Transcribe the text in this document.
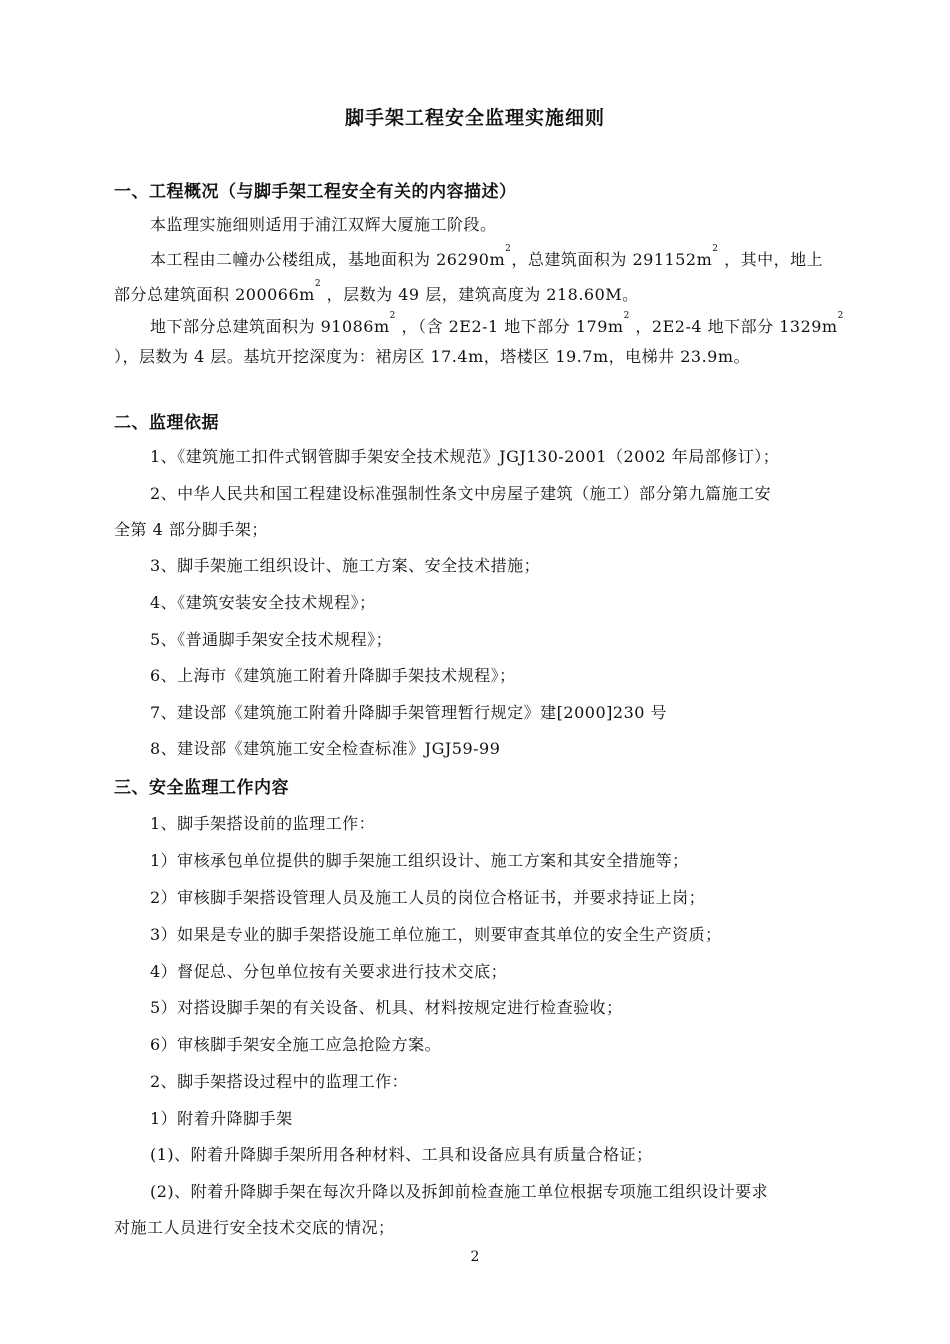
脚手架工程安全监理实施细则
一、工程概况（与脚手架工程安全有关的内容描述）
本监理实施细则适用于浦江双辉大厦施工阶段。
本工程由二幢办公楼组成，基地面积为 $26290m^2$，总建筑面积为 $291152m^2$ ，其中，地上
部分总建筑面积 $200066m^2$ ，层数为 49 层，建筑高度为 218.60M。
地下部分总建筑面积为 $91086m^2$ ，（含 2E2-1 地下部分 $179m^2$ ，2E2-4 地下部分 $1329m^2$
），层数为 4 层。基坑开挖深度为：裙房区 17.4m，塔楼区 19.7m，电梯井 23.9m。
二、监理依据
1、《建筑施工扣件式钢管脚手架安全技术规范》JGJ130-2001（2002 年局部修订）；
2、中华人民共和国工程建设标准强制性条文中房屋子建筑（施工）部分第九篇施工安
全第 4 部分脚手架；
3、脚手架施工组织设计、施工方案、安全技术措施；
4、《建筑安装安全技术规程》；
5、《普通脚手架安全技术规程》；
6、上海市《建筑施工附着升降脚手架技术规程》；
7、建设部《建筑施工附着升降脚手架管理暂行规定》建[2000]230 号
8、建设部《建筑施工安全检查标准》JGJ59-99
三、安全监理工作内容
1、脚手架搭设前的监理工作：
1）审核承包单位提供的脚手架施工组织设计、施工方案和其安全措施等；
2）审核脚手架搭设管理人员及施工人员的岗位合格证书，并要求持证上岗；
3）如果是专业的脚手架搭设施工单位施工，则要审查其单位的安全生产资质；
4）督促总、分包单位按有关要求进行技术交底；
5）对搭设脚手架的有关设备、机具、材料按规定进行检查验收；
6）审核脚手架安全施工应急抢险方案。
2、脚手架搭设过程中的监理工作：
1）附着升降脚手架
(1)、附着升降脚手架所用各种材料、工具和设备应具有质量合格证；
(2)、附着升降脚手架在每次升降以及拆卸前检查施工单位根据专项施工组织设计要求
对施工人员进行安全技术交底的情况；
2
